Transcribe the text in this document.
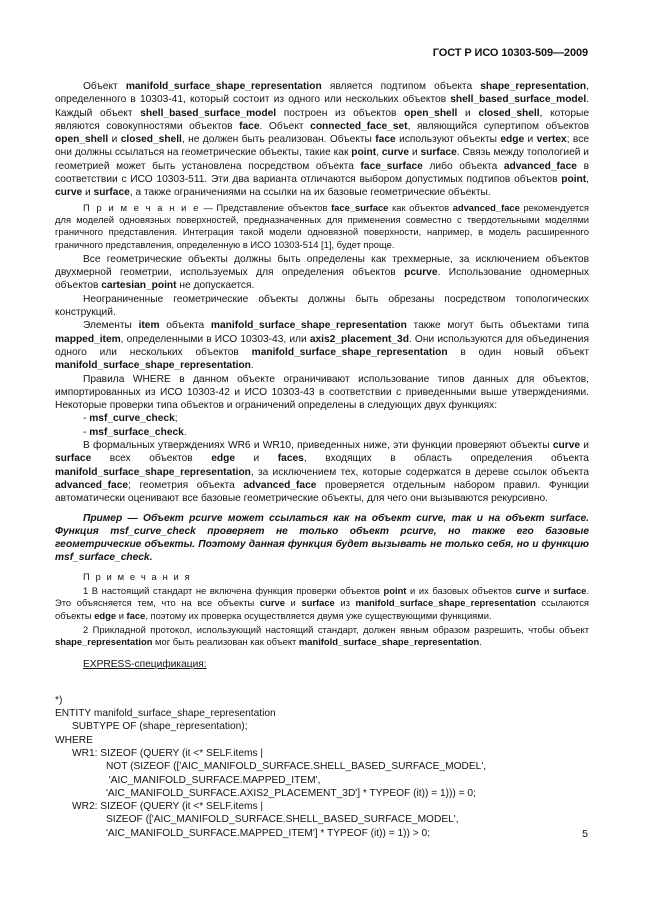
ГОСТ Р ИСО 10303-509—2009

Объект manifold_surface_shape_representation является подтипом объекта shape_representation, определенного в 10303-41, который состоит из одного или нескольких объектов shell_based_surface_model. Каждый объект shell_based_surface_model построен из объектов open_shell и closed_shell, которые являются совокупностями объектов face. Объект connected_face_set, являющийся супертипом объектов open_shell и closed_shell, не должен быть реализован. Объекты face используют объекты edge и vertex; все они должны ссылаться на геометрические объекты, такие как point, curve и surface. Связь между топологией и геометрией может быть установлена посредством объекта face_surface либо объекта advanced_face в соответствии с ИСО 10303-511. Эти два варианта отличаются выбором допустимых подтипов объектов point, curve и surface, а также ограничениями на ссылки на их базовые геометрические объекты.

П р и м е ч а н и е — Представление объектов face_surface как объектов advanced_face рекомендуется для моделей одновязных поверхностей, предназначенных для применения совместно с твердотельными моделями граничного представления. Интеграция такой модели одновязной поверхности, например, в модель расширенного граничного представления, определенную в ИСО 10303-514 [1], будет проще.

Все геометрические объекты должны быть определены как трехмерные, за исключением объектов двухмерной геометрии, используемых для определения объектов pcurve. Использование одномерных объектов cartesian_point не допускается.

Неограниченные геометрические объекты должны быть обрезаны посредством топологических конструкций.

Элементы item объекта manifold_surface_shape_representation также могут быть объектами типа mapped_item, определенными в ИСО 10303-43, или axis2_placement_3d. Они используются для объединения одного или нескольких объектов manifold_surface_shape_representation в один новый объект manifold_surface_shape_representation.

Правила WHERE в данном объекте ограничивают использование типов данных для объектов, импортированных из ИСО 10303-42 и ИСО 10303-43 в соответствии с приведенными выше утверждениями. Некоторые проверки типа объектов и ограничений определены в следующих двух функциях:

- msf_curve_check;
- msf_surface_check.

В формальных утверждениях WR6 и WR10, приведенных ниже, эти функции проверяют объекты curve и surface всех объектов edge и faces, входящих в область определения объекта manifold_surface_shape_representation, за исключением тех, которые содержатся в дереве ссылок объекта advanced_face; геометрия объекта advanced_face проверяется отдельным набором правил. Функции автоматически оценивают все базовые геометрические объекты, для чего они вызываются рекурсивно.

Пример — Объект pcurve может ссылаться как на объект curve, так и на объект surface. Функция msf_curve_check проверяет не только объект pcurve, но также его базовые геометрические объекты. Поэтому данная функция будет вызывать не только себя, но и функцию msf_surface_check.

П р и м е ч а н и я

1 В настоящий стандарт не включена функция проверки объектов point и их базовых объектов curve и surface. Это объясняется тем, что на все объекты curve и surface из manifold_surface_shape_representation ссылаются объекты edge и face, поэтому их проверка осуществляется двумя уже существующими функциями.

2 Прикладной протокол, использующий настоящий стандарт, должен явным образом разрешить, чтобы объект shape_representation мог быть реализован как объект manifold_surface_shape_representation.

EXPRESS-спецификация:
*)
ENTITY manifold_surface_shape_representation
SUBTYPE OF (shape_representation);
WHERE
WR1: SIZEOF (QUERY (it <* SELF.items |
NOT (SIZEOF (['AIC_MANIFOLD_SURFACE.SHELL_BASED_SURFACE_MODEL',
'AIC_MANIFOLD_SURFACE.MAPPED_ITEM',
'AIC_MANIFOLD_SURFACE.AXIS2_PLACEMENT_3D'] * TYPEOF (it)) = 1))) = 0;
WR2: SIZEOF (QUERY (it <* SELF.items |
SIZEOF (['AIC_MANIFOLD_SURFACE.SHELL_BASED_SURFACE_MODEL',
'AIC_MANIFOLD_SURFACE.MAPPED_ITEM'] * TYPEOF (it)) = 1)) > 0;	5
